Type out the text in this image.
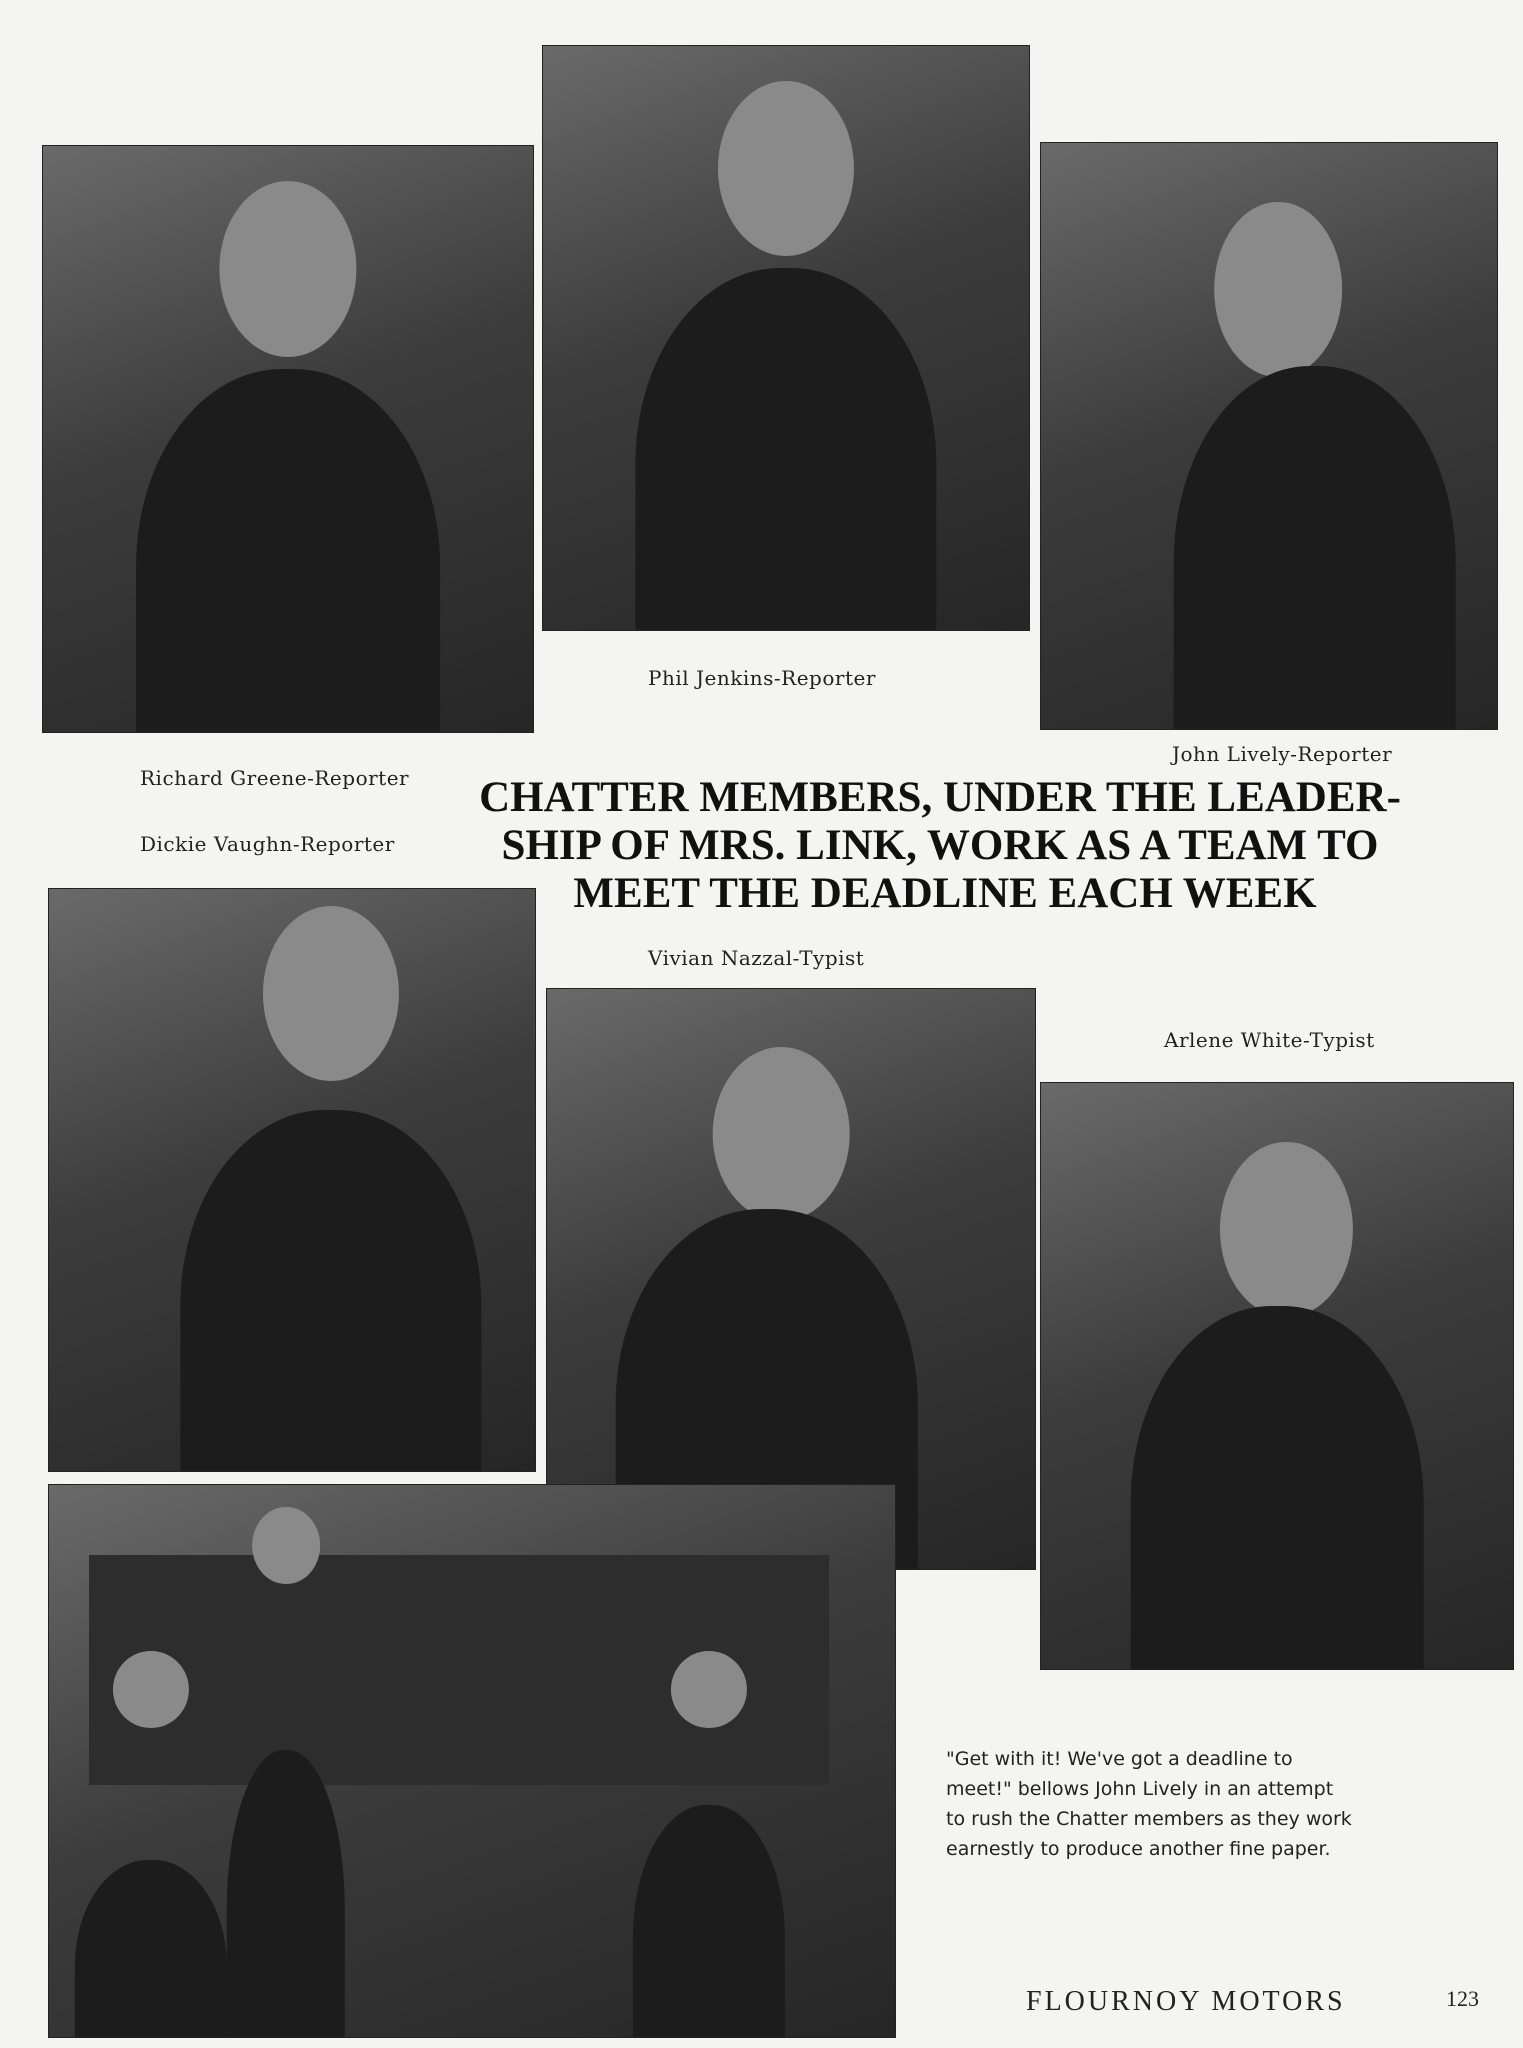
Phil Jenkins-Reporter
John Lively-Reporter
Richard Greene-Reporter
Dickie Vaughn-Reporter
Vivian Nazzal-Typist
Arlene White-Typist
CHATTER MEMBERS, UNDER THE LEADER-
SHIP OF MRS. LINK, WORK AS A TEAM TO
MEET THE DEADLINE EACH WEEK
"Get with it! We've got a deadline to
meet!" bellows John Lively in an attempt
to rush the Chatter members as they work
earnestly to produce another fine paper.
FLOURNOY MOTORS	123
